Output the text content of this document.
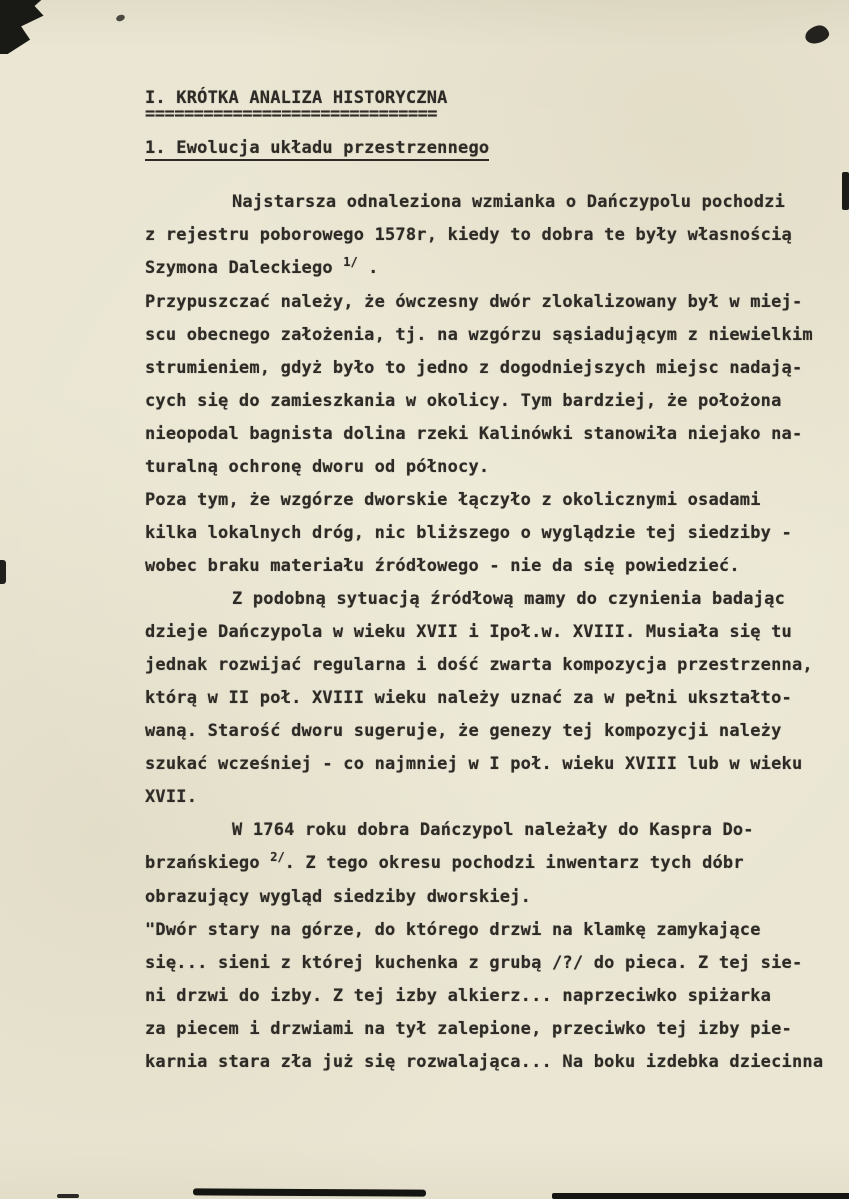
I. KRÓTKA ANALIZA HISTORYCZNA
==============================
1. Ewolucja układu przestrzennego
Najstarsza odnaleziona wzmianka o Dańczypolu pochodzi
z rejestru poborowego 1578r, kiedy to dobra te były własnością
Szymona Daleckiego $^{1/}$ .
Przypuszczać należy, że ówczesny dwór zlokalizowany był w miej-
scu obecnego założenia, tj. na wzgórzu sąsiadującym z niewielkim
strumieniem, gdyż było to jedno z dogodniejszych miejsc nadają-
cych się do zamieszkania w okolicy. Tym bardziej, że położona
nieopodal bagnista dolina rzeki Kalinówki stanowiła niejako na-
turalną ochronę dworu od północy.
Poza tym, że wzgórze dworskie łączyło z okolicznymi osadami
kilka lokalnych dróg, nic bliższego o wyglądzie tej siedziby -
wobec braku materiału źródłowego - nie da się powiedzieć.
Z podobną sytuacją źródłową mamy do czynienia badając
dzieje Dańczypola w wieku XVII i Ipoł.w. XVIII. Musiała się tu
jednak rozwijać regularna i dość zwarta kompozycja przestrzenna,
którą w II poł. XVIII wieku należy uznać za w pełni ukształto-
waną. Starość dworu sugeruje, że genezy tej kompozycji należy
szukać wcześniej - co najmniej w I poł. wieku XVIII lub w wieku
XVII.
W 1764 roku dobra Dańczypol należały do Kaspra Do-
brzańskiego $^{2/}$. Z tego okresu pochodzi inwentarz tych dóbr
obrazujący wygląd siedziby dworskiej.
"Dwór stary na górze, do którego drzwi na klamkę zamykające
się... sieni z której kuchenka z grubą /?/ do pieca. Z tej sie-
ni drzwi do izby. Z tej izby alkierz... naprzeciwko spiżarka
za piecem i drzwiami na tył zalepione, przeciwko tej izby pie-
karnia stara zła już się rozwalająca... Na boku izdebka dziecinna
